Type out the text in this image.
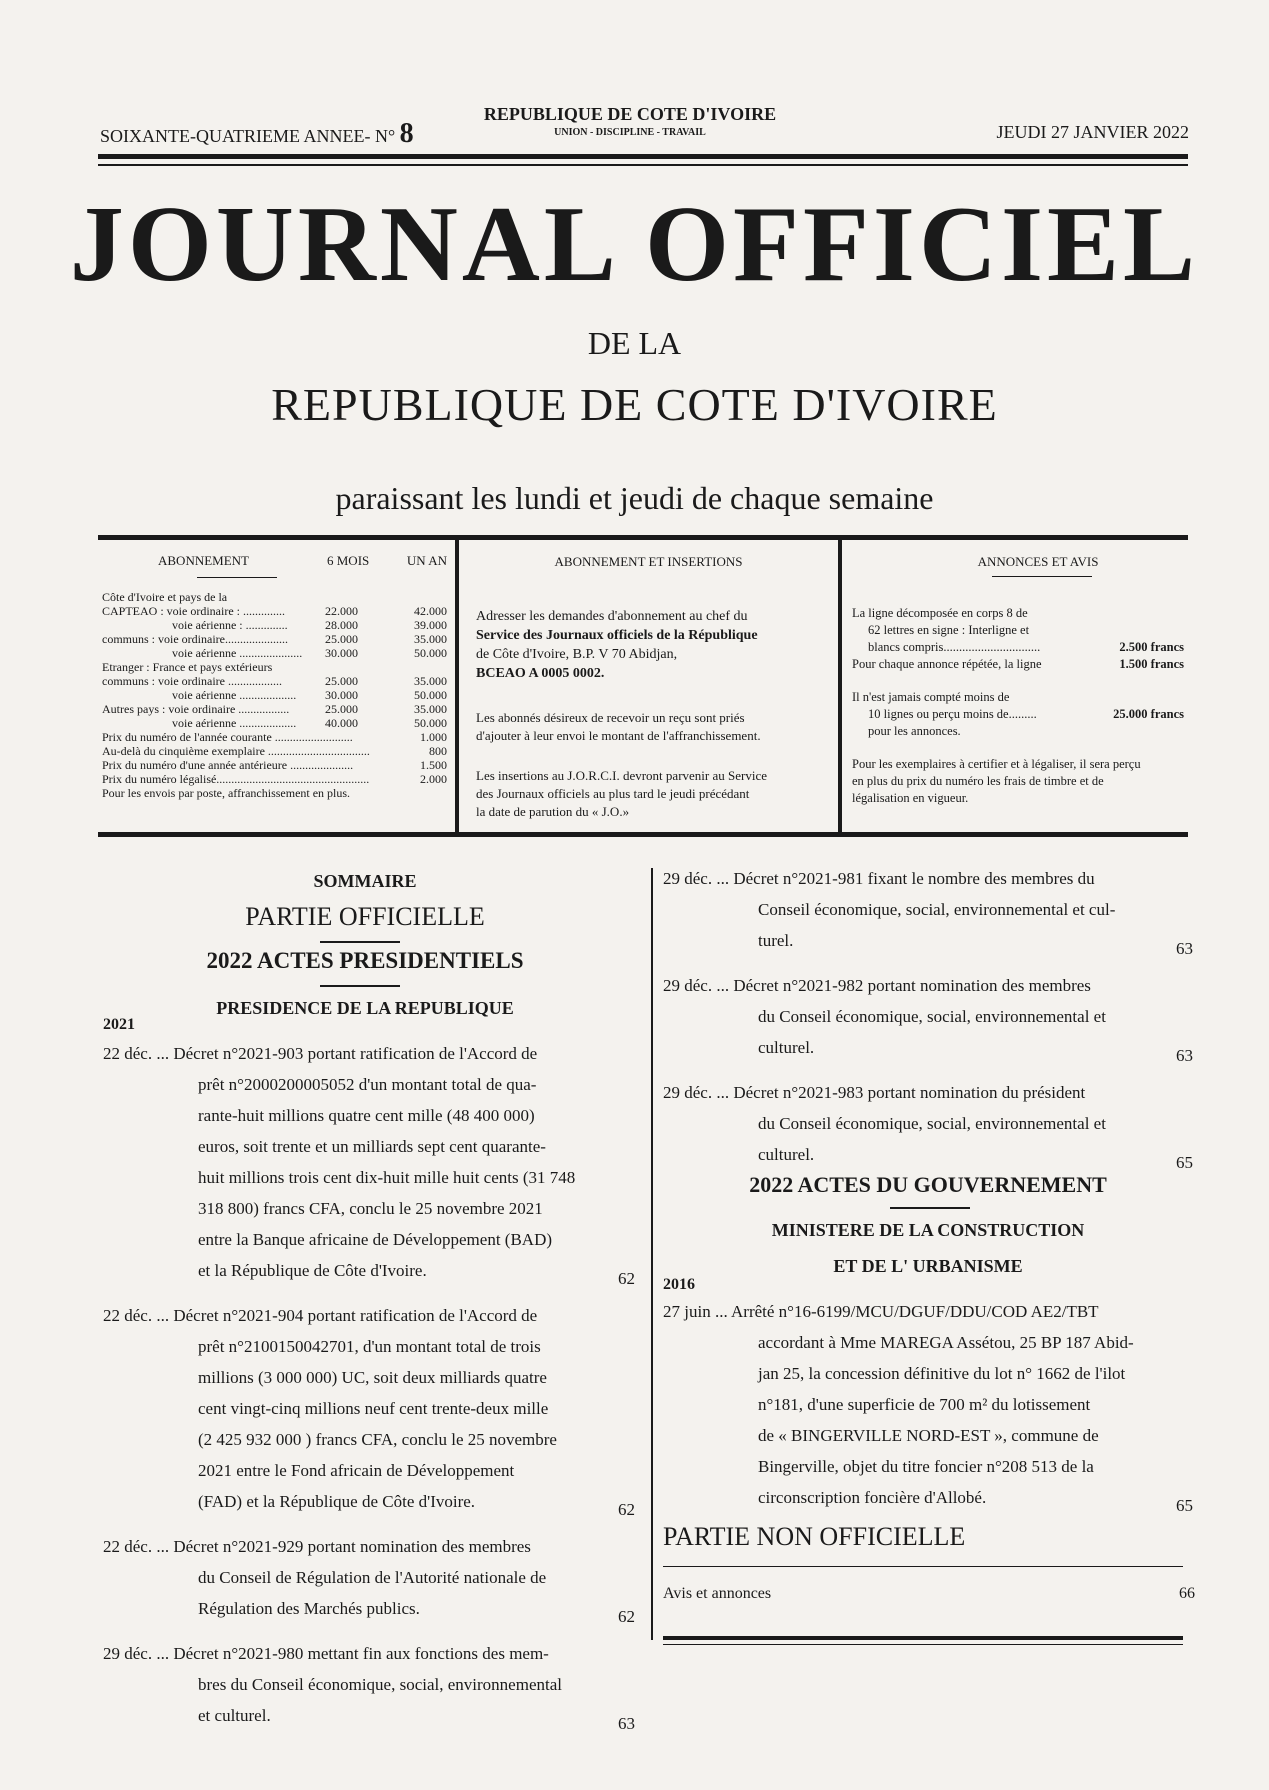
SOIXANTE-QUATRIEME ANNEE- N° 8
REPUBLIQUE DE COTE D'IVOIRE
UNION - DISCIPLINE - TRAVAIL	JEUDI 27 JANVIER 2022
JOURNAL OFFICIEL
DE LA
REPUBLIQUE DE COTE D'IVOIRE
paraissant les lundi et jeudi de chaque semaine
ABONNEMENT	6 MOIS	UN AN
Côte d'Ivoire et pays de la
CAPTEAO : voie ordinaire : ..............	22.000	42.000
voie aérienne : ..............	28.000	39.000
communs : voie ordinaire.....................	25.000	35.000
voie aérienne .....................	30.000	50.000
Etranger : France et pays extérieurs
communs : voie ordinaire ..................	25.000	35.000
voie aérienne ...................	30.000	50.000
Autres pays : voie ordinaire .................	25.000	35.000
voie aérienne ...................	40.000	50.000
Prix du numéro de l'année courante ..........................	1.000
Au-delà du cinquième exemplaire ..................................	800
Prix du numéro d'une année antérieure .....................	1.500
Prix du numéro légalisé...................................................	2.000
Pour les envois par poste, affranchissement en plus.
ABONNEMENT ET INSERTIONS
Adresser les demandes d'abonnement au chef du
Service des Journaux officiels de la République
de Côte d'Ivoire, B.P. V 70 Abidjan,
BCEAO A 0005 0002.
Les abonnés désireux de recevoir un reçu sont priés
d'ajouter à leur envoi le montant de l'affranchissement.
Les insertions au J.O.R.C.I. devront parvenir au Service
des Journaux officiels au plus tard le jeudi précédant
la date de parution du « J.O.»
ANNONCES ET AVIS
La ligne décomposée en corps 8 de
62 lettres en signe : Interligne et
blancs compris...............................	2.500 francs
Pour chaque annonce répétée, la ligne	1.500 francs
Il n'est jamais compté moins de
10 lignes ou perçu moins de.........	25.000 francs
pour les annonces.
Pour les exemplaires à certifier et à légaliser, il sera perçu
en plus du prix du numéro les frais de timbre et de
légalisation en vigueur.
SOMMAIRE
PARTIE OFFICIELLE
2022 ACTES PRESIDENTIELS
PRESIDENCE DE LA REPUBLIQUE
2021
22 déc. ... Décret n°2021-903 portant ratification de l'Accord de
prêt n°2000200005052 d'un montant total de qua-
rante-huit millions quatre cent mille (48 400 000)
euros, soit trente et un milliards sept cent quarante-
huit millions trois cent dix-huit mille huit cents (31 748
318 800) francs CFA, conclu le 25 novembre 2021
entre la Banque africaine de Développement (BAD)
et la République de Côte d'Ivoire.	62
22 déc. ... Décret n°2021-904 portant ratification de l'Accord de
prêt n°2100150042701, d'un montant total de trois
millions (3 000 000) UC, soit deux milliards quatre
cent vingt-cinq millions neuf cent trente-deux mille
(2 425 932 000 ) francs CFA, conclu le 25 novembre
2021 entre le Fond africain de Développement
(FAD) et la République de Côte d'Ivoire.	62
22 déc. ... Décret n°2021-929 portant nomination des membres
du Conseil de Régulation de l'Autorité nationale de
Régulation des Marchés publics.	62
29 déc. ... Décret n°2021-980 mettant fin aux fonctions des mem-
bres du Conseil économique, social, environnemental
et culturel.	63
29 déc. ... Décret n°2021-981 fixant le nombre des membres du
Conseil économique, social, environnemental et cul-
turel.	63
29 déc. ... Décret n°2021-982 portant nomination des membres
du Conseil économique, social, environnemental et
culturel.	63
29 déc. ... Décret n°2021-983 portant nomination du président
du Conseil économique, social, environnemental et
culturel.	65
2022 ACTES DU GOUVERNEMENT
MINISTERE DE LA CONSTRUCTION
ET DE L' URBANISME
2016
27 juin ... Arrêté n°16-6199/MCU/DGUF/DDU/COD AE2/TBT
accordant à Mme MAREGA Assétou, 25 BP 187 Abid-
jan 25, la concession définitive du lot n° 1662 de l'ilot
n°181, d'une superficie de 700 m² du lotissement
de « BINGERVILLE NORD-EST », commune de
Bingerville, objet du titre foncier n°208 513 de la
circonscription foncière d'Allobé.	65
PARTIE NON OFFICIELLE
Avis et annonces	66
